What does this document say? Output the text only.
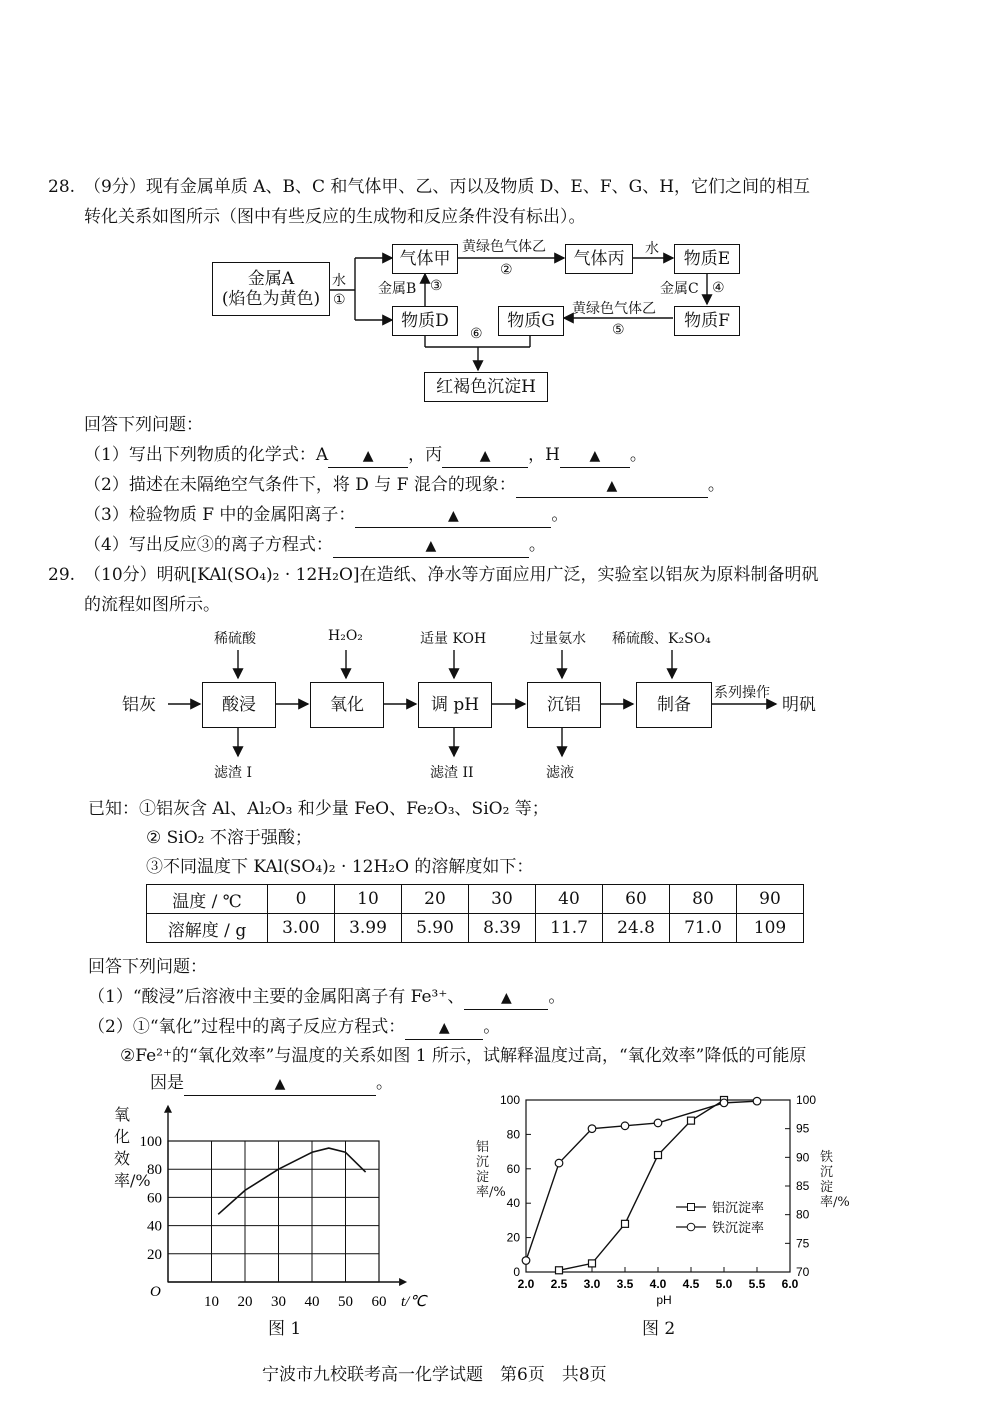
28. （9分）现有金属单质 A、B、C 和气体甲、乙、丙以及物质 D、E、F、G、H，它们之间的相互
转化关系如图所示（图中有些反应的生成物和反应条件没有标出）。
金属A
(焰色为黄色)
水
①
气体甲
黄绿色气体乙
②
气体丙	水	物质E
金属B ③	金属C ④
物质D	物质G
黄绿色气体乙
⑤	物质F
⑥
红褐色沉淀H
回答下列问题：
（1）写出下列物质的化学式：A ▲ ，丙	▲ ，H ▲ 。
（2）描述在未隔绝空气条件下，将 D 与 F 混合的现象：	▲	。
（3）检验物质 F 中的金属阳离子：	▲	。
（4）写出反应③的离子方程式：	▲	。
29. （10分）明矾[KAl(SO₄)₂ · 12H₂O]在造纸、净水等方面应用广泛，实验室以铝灰为原料制备明矾
的流程如图所示。
铝灰
稀硫酸
酸浸
滤渣 I
H₂O₂
氧化
适量 KOH
调 pH
滤渣 II
过量氨水
沉铝
滤液
稀硫酸、K₂SO₄
制备
系列操作
明矾
已知：①铝灰含 Al、Al₂O₃ 和少量 FeO、Fe₂O₃、SiO₂ 等；
② SiO₂ 不溶于强酸；
③不同温度下 KAl(SO₄)₂ · 12H₂O 的溶解度如下：
温度 / ℃	0	10	20	30	40	60	80	90
溶解度 / g	3.00	3.99	5.90	8.39	11.7	24.8	71.0	109
回答下列问题：
（1）“酸浸”后溶液中主要的金属阳离子有 Fe³⁺、	▲ 。
（2）①“氧化”过程中的离子反应方程式： ▲ 。
②Fe²⁺的“氧化效率”与温度的关系如图 1 所示，试解释温度过高，“氧化效率”降低的可能原
因是	▲	。
10 20 30 40 50 60
20
40
60
80
100
O
t/℃
氧化效率/%
图 1
2.0 2.5 3.0 3.5 4.0 4.5 5.0 5.5 6.0
pH
0
20
40
60
80
100
70
75
80
85
90
95
100
铝沉淀率
铁沉淀率
铝沉淀率/%
铁沉淀率/%
图 2
宁波市九校联考高一化学试题　第6页　共8页
